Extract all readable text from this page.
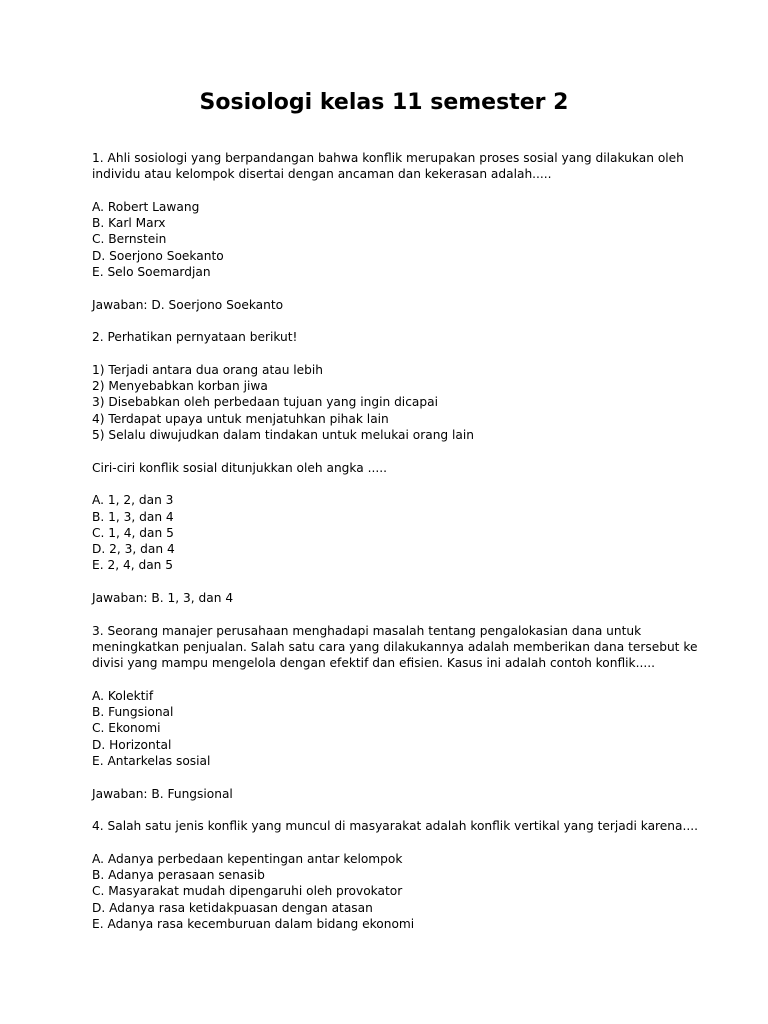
Sosiologi kelas 11 semester 2

1. Ahli sosiologi yang berpandangan bahwa konflik merupakan proses sosial yang dilakukan oleh

individu atau kelompok disertai dengan ancaman dan kekerasan adalah.....

A. Robert Lawang

B. Karl Marx

C. Bernstein

D. Soerjono Soekanto

E. Selo Soemardjan

Jawaban: D. Soerjono Soekanto

2. Perhatikan pernyataan berikut!

1) Terjadi antara dua orang atau lebih

2) Menyebabkan korban jiwa

3) Disebabkan oleh perbedaan tujuan yang ingin dicapai

4) Terdapat upaya untuk menjatuhkan pihak lain

5) Selalu diwujudkan dalam tindakan untuk melukai orang lain

Ciri-ciri konflik sosial ditunjukkan oleh angka .....

A. 1, 2, dan 3

B. 1, 3, dan 4

C. 1, 4, dan 5

D. 2, 3, dan 4

E. 2, 4, dan 5

Jawaban: B. 1, 3, dan 4

3. Seorang manajer perusahaan menghadapi masalah tentang pengalokasian dana untuk

meningkatkan penjualan. Salah satu cara yang dilakukannya adalah memberikan dana tersebut ke

divisi yang mampu mengelola dengan efektif dan efisien. Kasus ini adalah contoh konflik.....

A. Kolektif

B. Fungsional

C. Ekonomi

D. Horizontal

E. Antarkelas sosial

Jawaban: B. Fungsional

4. Salah satu jenis konflik yang muncul di masyarakat adalah konflik vertikal yang terjadi karena....

A. Adanya perbedaan kepentingan antar kelompok

B. Adanya perasaan senasib

C. Masyarakat mudah dipengaruhi oleh provokator

D. Adanya rasa ketidakpuasan dengan atasan

E. Adanya rasa kecemburuan dalam bidang ekonomi
